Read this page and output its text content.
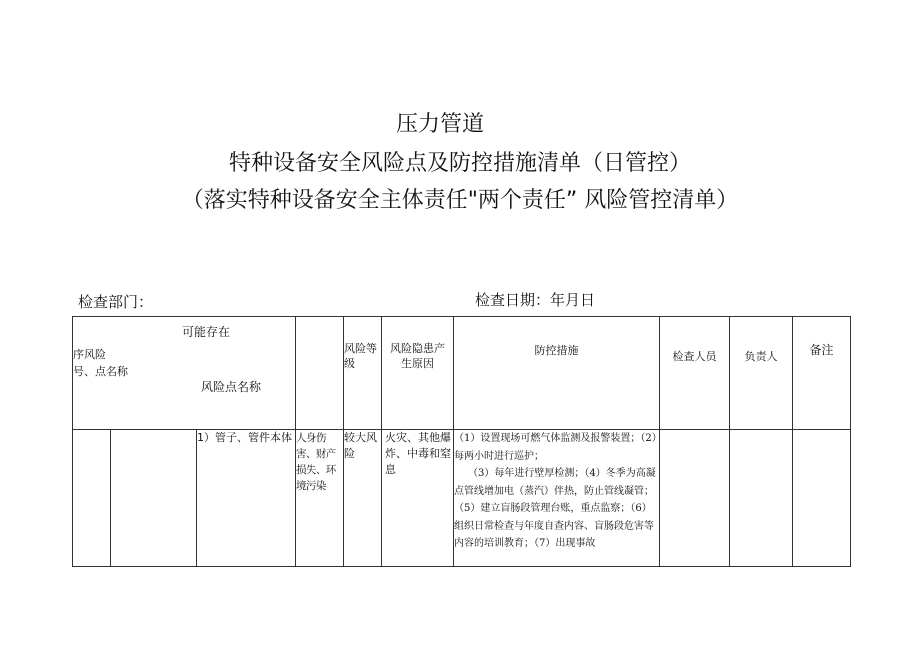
压力管道
特种设备安全风险点及防控措施清单（日管控）
（落实特种设备安全主体责任"两个责任” 风险管控清单）
检查部门：	检查日期：年月日
序风险
号、点名称
可能存在
风险点名称				风险等级	风险隐患产生原因	防控措施	检查人员	负责人	备注
		1）管子、管件本体	人身伤害、财产损失、环境污染	较大风险	火灾、其他爆炸、中毒和窒息	（1）设置现场可燃气体监测及报警装置；（2）每两小时进行巡护；
（3）每年进行壁厚检测；（4）冬季为高凝点管线增加电（蒸汽）伴热，防止管线凝管；（5）建立盲肠段管理台账，重点监察；（6）组织日常检查与年度自查内容、盲肠段危害等内容的培训教育；（7）出现事故			
